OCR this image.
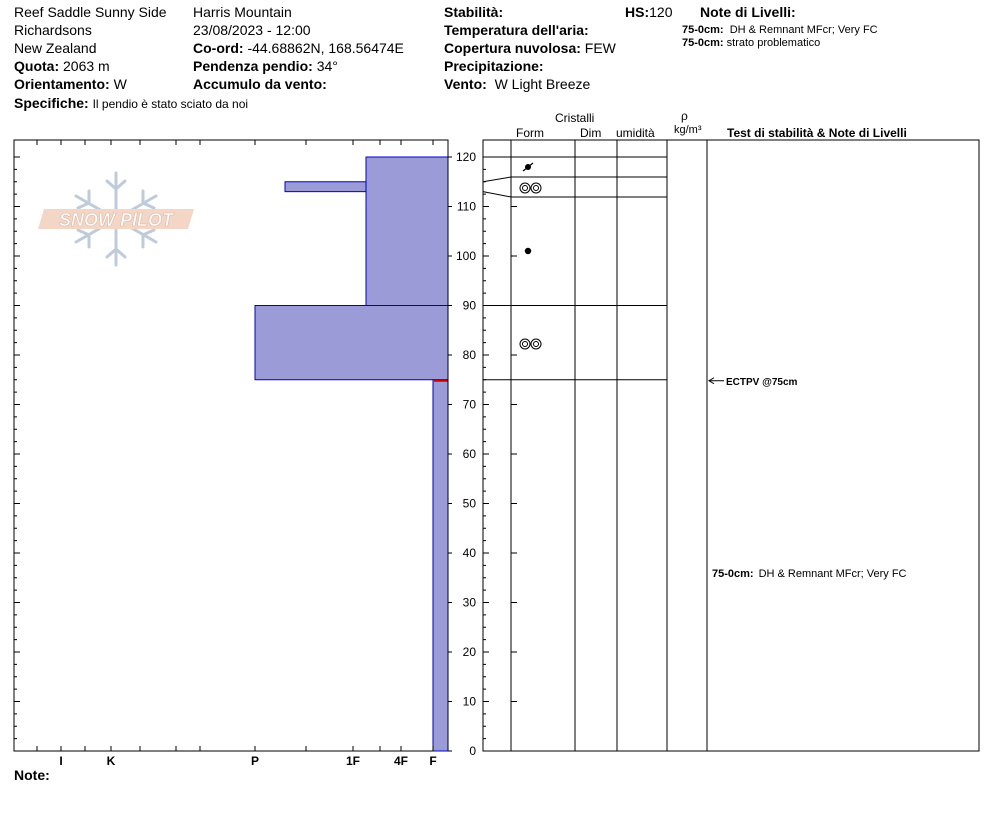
Reef Saddle Sunny Side
Richardsons
New Zealand
Quota: 2063 m
Orientamento: W
Specifiche: Il pendio è stato sciato da noi
Harris Mountain
23/08/2023 - 12:00
Co-ord: -44.68862N, 168.56474E
Pendenza pendio: 34°
Accumulo da vento:
Stabilità:
Temperatura dell'aria:
Copertura nuvolosa: FEW
Precipitazione:
Vento: W Light Breeze
HS:120 Note di Livelli:
75-0cm: DH & Remnant MFcr; Very FC
75-0cm: strato problematico
Cristalli
Form	Dim umidità
ρ
kg/m³ Test di stabilità & Note di Livelli
Note:
SNOW PILOT
I	K	P	1F	4F F
0
10
20
30
40
50
60
70
80
90
100
110
120
ECTPV @75cm
75-0cm: DH & Remnant MFcr; Very FC
